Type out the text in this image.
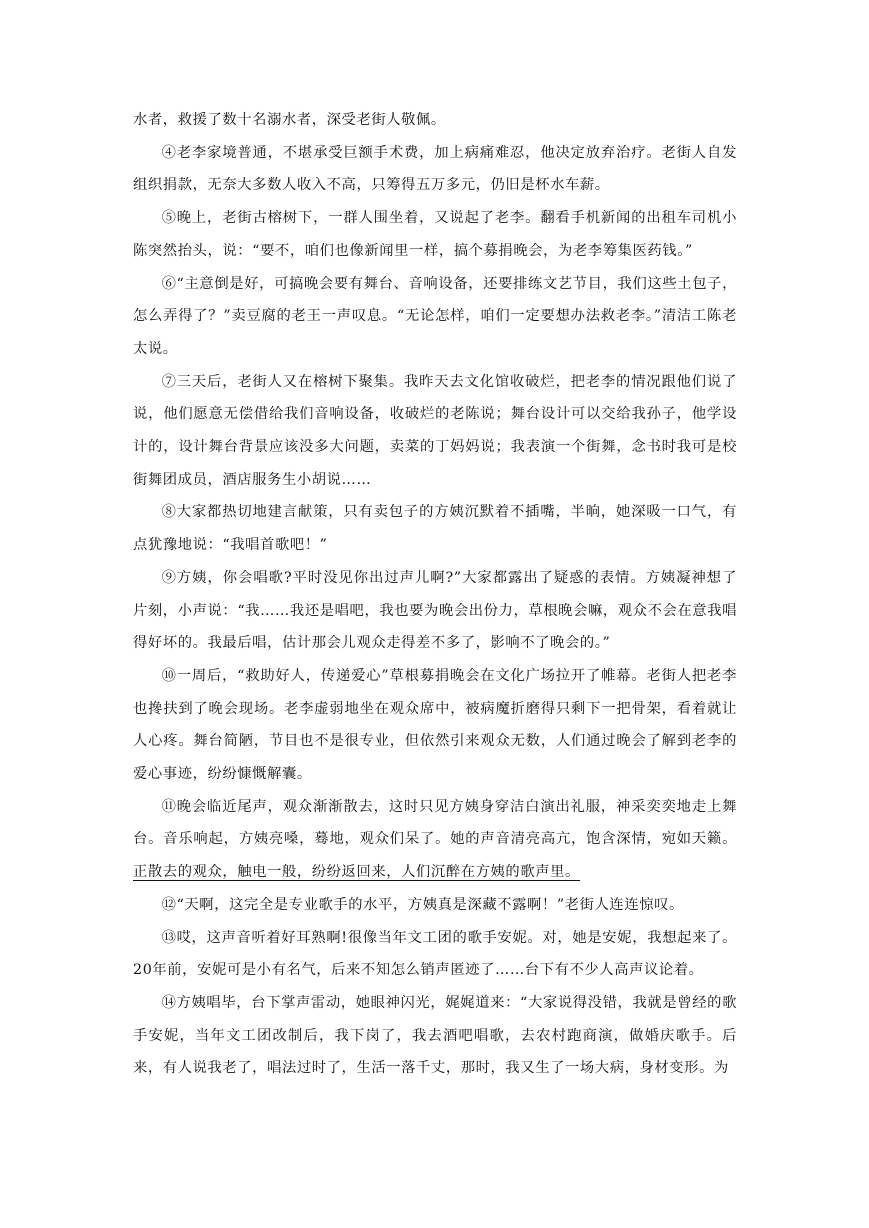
水者，救援了数十名溺水者，深受老街人敬佩。

④老李家境普通，不堪承受巨额手术费，加上病痛难忍，他决定放弃治疗。老街人自发组织捐款，无奈大多数人收入不高，只筹得五万多元，仍旧是杯水车薪。

⑤晚上，老街古榕树下，一群人围坐着，又说起了老李。翻看手机新闻的出租车司机小陈突然抬头，说：“要不，咱们也像新闻里一样，搞个募捐晚会，为老李筹集医药钱。”

⑥“主意倒是好，可搞晚会要有舞台、音响设备，还要排练文艺节目，我们这些土包子，怎么弄得了？”卖豆腐的老王一声叹息。“无论怎样，咱们一定要想办法救老李。”清洁工陈老太说。

⑦三天后，老街人又在榕树下聚集。我昨天去文化馆收破烂，把老李的情况跟他们说了说，他们愿意无偿借给我们音响设备，收破烂的老陈说；舞台设计可以交给我孙子，他学设计的，设计舞台背景应该没多大问题，卖菜的丁妈妈说；我表演一个街舞，念书时我可是校街舞团成员，酒店服务生小胡说……

⑧大家都热切地建言献策，只有卖包子的方姨沉默着不插嘴，半晌，她深吸一口气，有点犹豫地说：“我唱首歌吧！”

⑨方姨，你会唱歌?平时没见你出过声儿啊?”大家都露出了疑惑的表情。方姨凝神想了片刻，小声说：“我……我还是唱吧，我也要为晚会出份力，草根晚会嘛，观众不会在意我唱得好坏的。我最后唱，估计那会儿观众走得差不多了，影响不了晚会的。”

⑩一周后，“救助好人，传递爱心”草根募捐晚会在文化广场拉开了帷幕。老街人把老李也搀扶到了晚会现场。老李虚弱地坐在观众席中，被病魔折磨得只剩下一把骨架，看着就让人心疼。舞台简陋，节目也不是很专业，但依然引来观众无数，人们通过晚会了解到老李的爱心事迹，纷纷慷慨解囊。

⑪晚会临近尾声，观众渐渐散去，这时只见方姨身穿洁白演出礼服，神采奕奕地走上舞台。音乐响起，方姨亮嗓，蓦地，观众们呆了。她的声音清亮高亢，饱含深情，宛如天籁。正散去的观众，触电一般，纷纷返回来，人们沉醉在方姨的歌声里。

⑫“天啊，这完全是专业歌手的水平，方姨真是深藏不露啊！”老街人连连惊叹。

⑬哎，这声音听着好耳熟啊!很像当年文工团的歌手安妮。对，她是安妮，我想起来了。20年前，安妮可是小有名气，后来不知怎么销声匿迹了……台下有不少人高声议论着。

⑭方姨唱毕，台下掌声雷动，她眼神闪光，娓娓道来：“大家说得没错，我就是曾经的歌手安妮，当年文工团改制后，我下岗了，我去酒吧唱歌，去农村跑商演，做婚庆歌手。后来，有人说我老了，唱法过时了，生活一落千丈，那时，我又生了一场大病，身材变形。为
